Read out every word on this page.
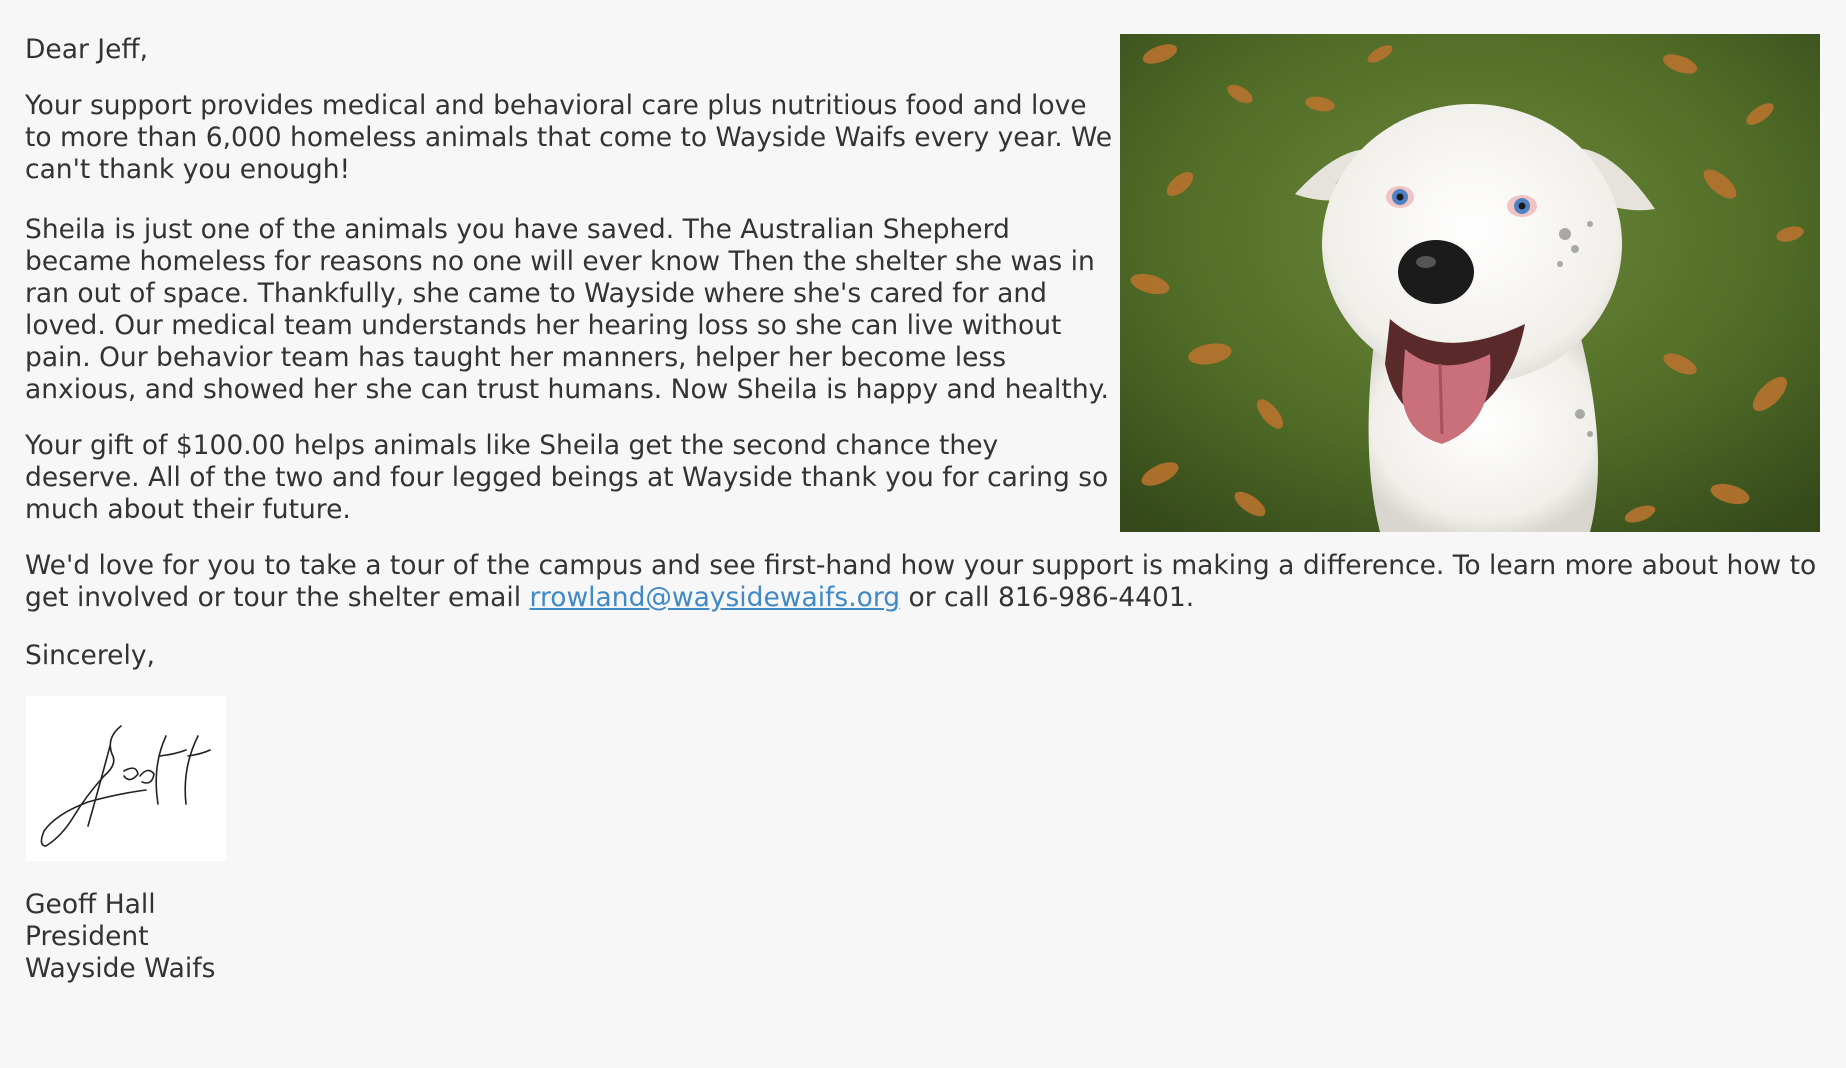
Dear Jeff,

Your support provides medical and behavioral care plus nutritious food and love to more than 6,000 homeless animals that come to Wayside Waifs every year. We can't thank you enough!

Sheila is just one of the animals you have saved. The Australian Shepherd became homeless for reasons no one will ever know Then the shelter she was in ran out of space. Thankfully, she came to Wayside where she's cared for and loved. Our medical team understands her hearing loss so she can live without pain. Our behavior team has taught her manners, helper her become less anxious, and showed her she can trust humans. Now Sheila is happy and healthy.

Your gift of $100.00 helps animals like Sheila get the second chance they deserve. All of the two and four legged beings at Wayside thank you for caring so much about their future.

We'd love for you to take a tour of the campus and see first-hand how your support is making a difference. To learn more about how to get involved or tour the shelter email rrowland@waysidewaifs.org or call 816-986-4401.

Sincerely,

Geoff Hall
President
Wayside Waifs
